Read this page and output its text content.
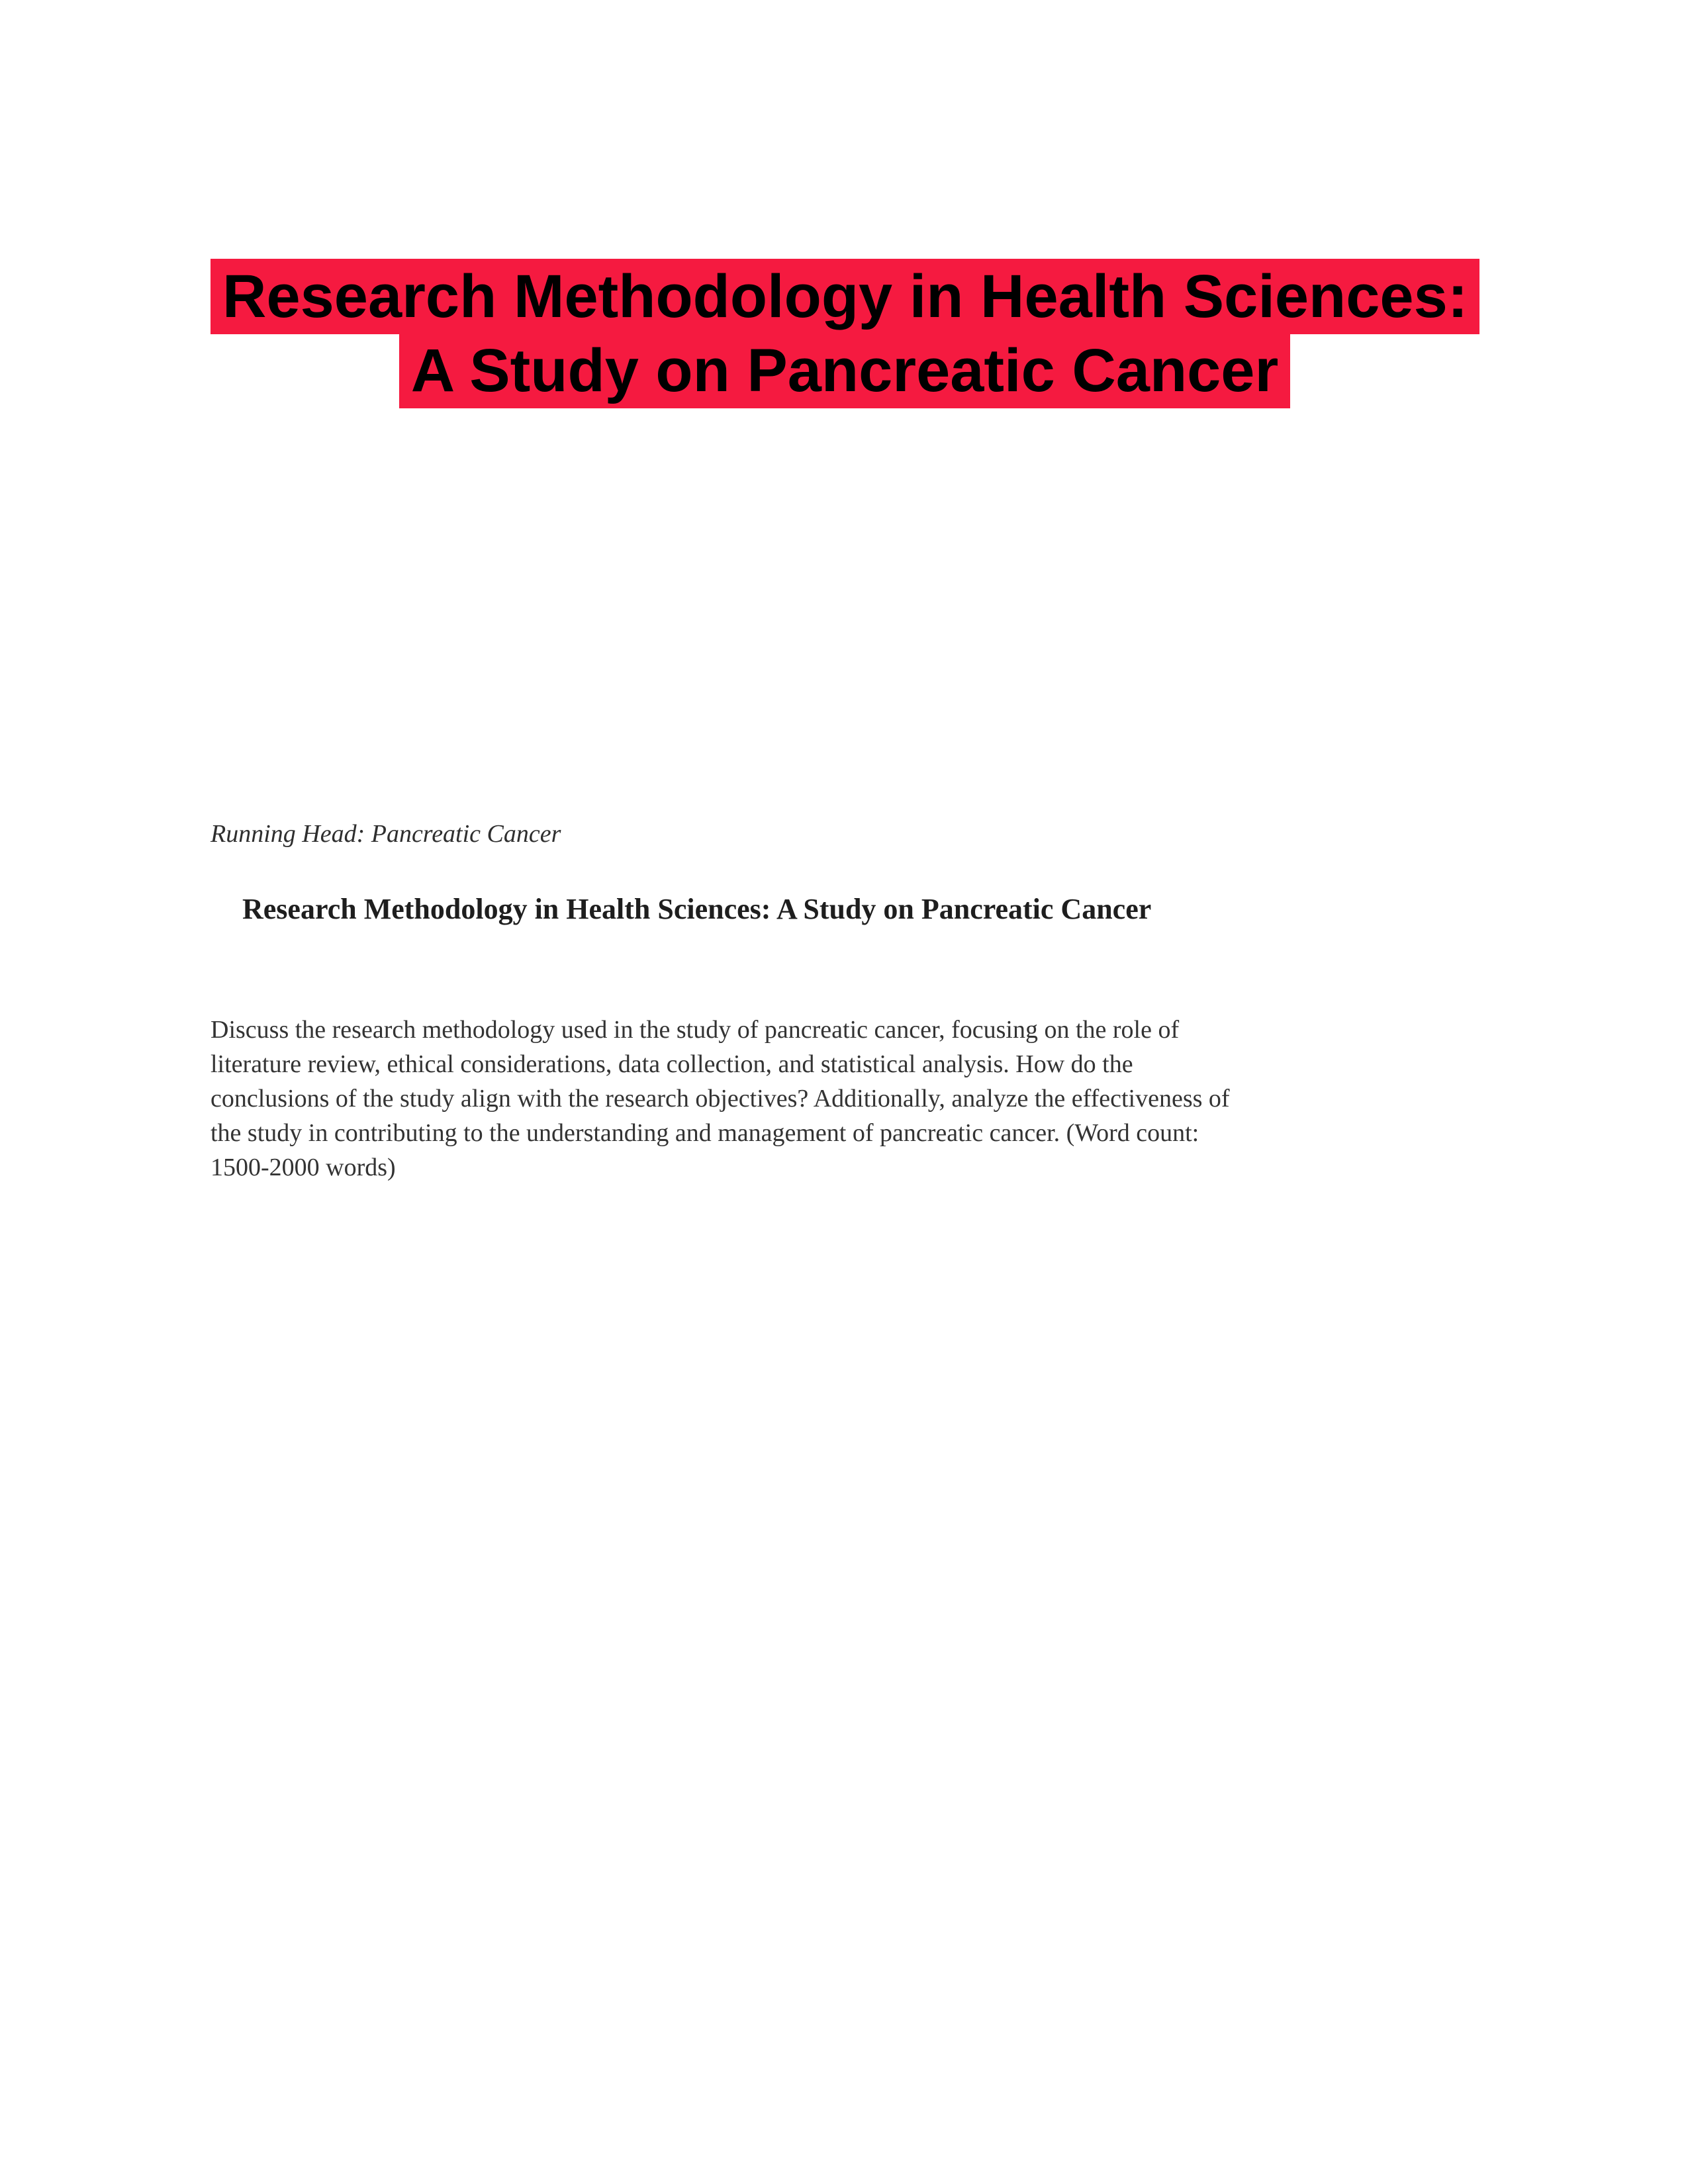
Research Methodology in Health Sciences: A Study on Pancreatic Cancer
Running Head: Pancreatic Cancer
Research Methodology in Health Sciences: A Study on Pancreatic Cancer
Discuss the research methodology used in the study of pancreatic cancer, focusing on the role of literature review, ethical considerations, data collection, and statistical analysis. How do the conclusions of the study align with the research objectives? Additionally, analyze the effectiveness of the study in contributing to the understanding and management of pancreatic cancer. (Word count: 1500-2000 words)
